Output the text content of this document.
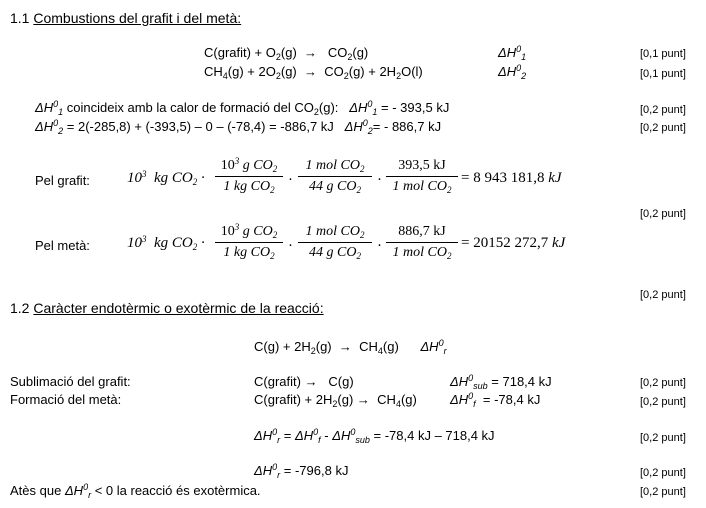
1.1 Combustions del grafit i del metà:
C(grafit) + $O_2(g) \to CO_2(g)$	$\Delta H^0_1$	[0,1 punt]
$CH_4(g) + 2O_2(g) \to CO_2(g) + 2H_2O(l)$	$\Delta H^0_2$	[0,1 punt]
$\Delta H^0_1$ coincideix amb la calor de formació del $CO_2(g)$: $\Delta H^0_1$ = - 393,5 kJ	[0,2 punt]
$\Delta H^0_2 = 2(-285,8) + (-393,5) - 0 - (-78,4) = -886,7$ kJ $\Delta H^0_2= - 886,7$ kJ	[0,2 punt]
Pel grafit: $10^3$ kg $CO_2$ ·
$10^3$ g $CO_2$
1 kg $CO_2$
·
1 mol $CO_2$
44 g $CO_2$
·
393,5 kJ
1 mol $CO_2$
= 8 943 181,8 kJ
[0,2 punt]
Pel metà: $10^3$ kg $CO_2$ ·
$10^3$ g $CO_2$
1 kg $CO_2$
·
1 mol $CO_2$
44 g $CO_2$
·
886,7 kJ
1 mol $CO_2$
= 20152 272,7 kJ
[0,2 punt]
1.2 Caràcter endotèrmic o exotèrmic de la reacció:
$C(g) + 2H_2(g) \to CH_4(g)$ $\Delta H^0_r$
Sublimació del grafit:	C(grafit) → C(g)	$\Delta H^0_{sub} = 718,4$ kJ	[0,2 punt]
Formació del metà:	C(grafit) + $2H_2(g) \to CH_4(g)$	$\Delta H^0_f = -78,4$ kJ	[0,2 punt]
$\Delta H^0_r = \Delta H^0_f - \Delta H^0_{sub} = -78,4$ kJ – 718,4 kJ	[0,2 punt]
$\Delta H^0_r = -796,8$ kJ	[0,2 punt]
Atès que $\Delta H^0_r < 0$ la reacció és exotèrmica.	[0,2 punt]
